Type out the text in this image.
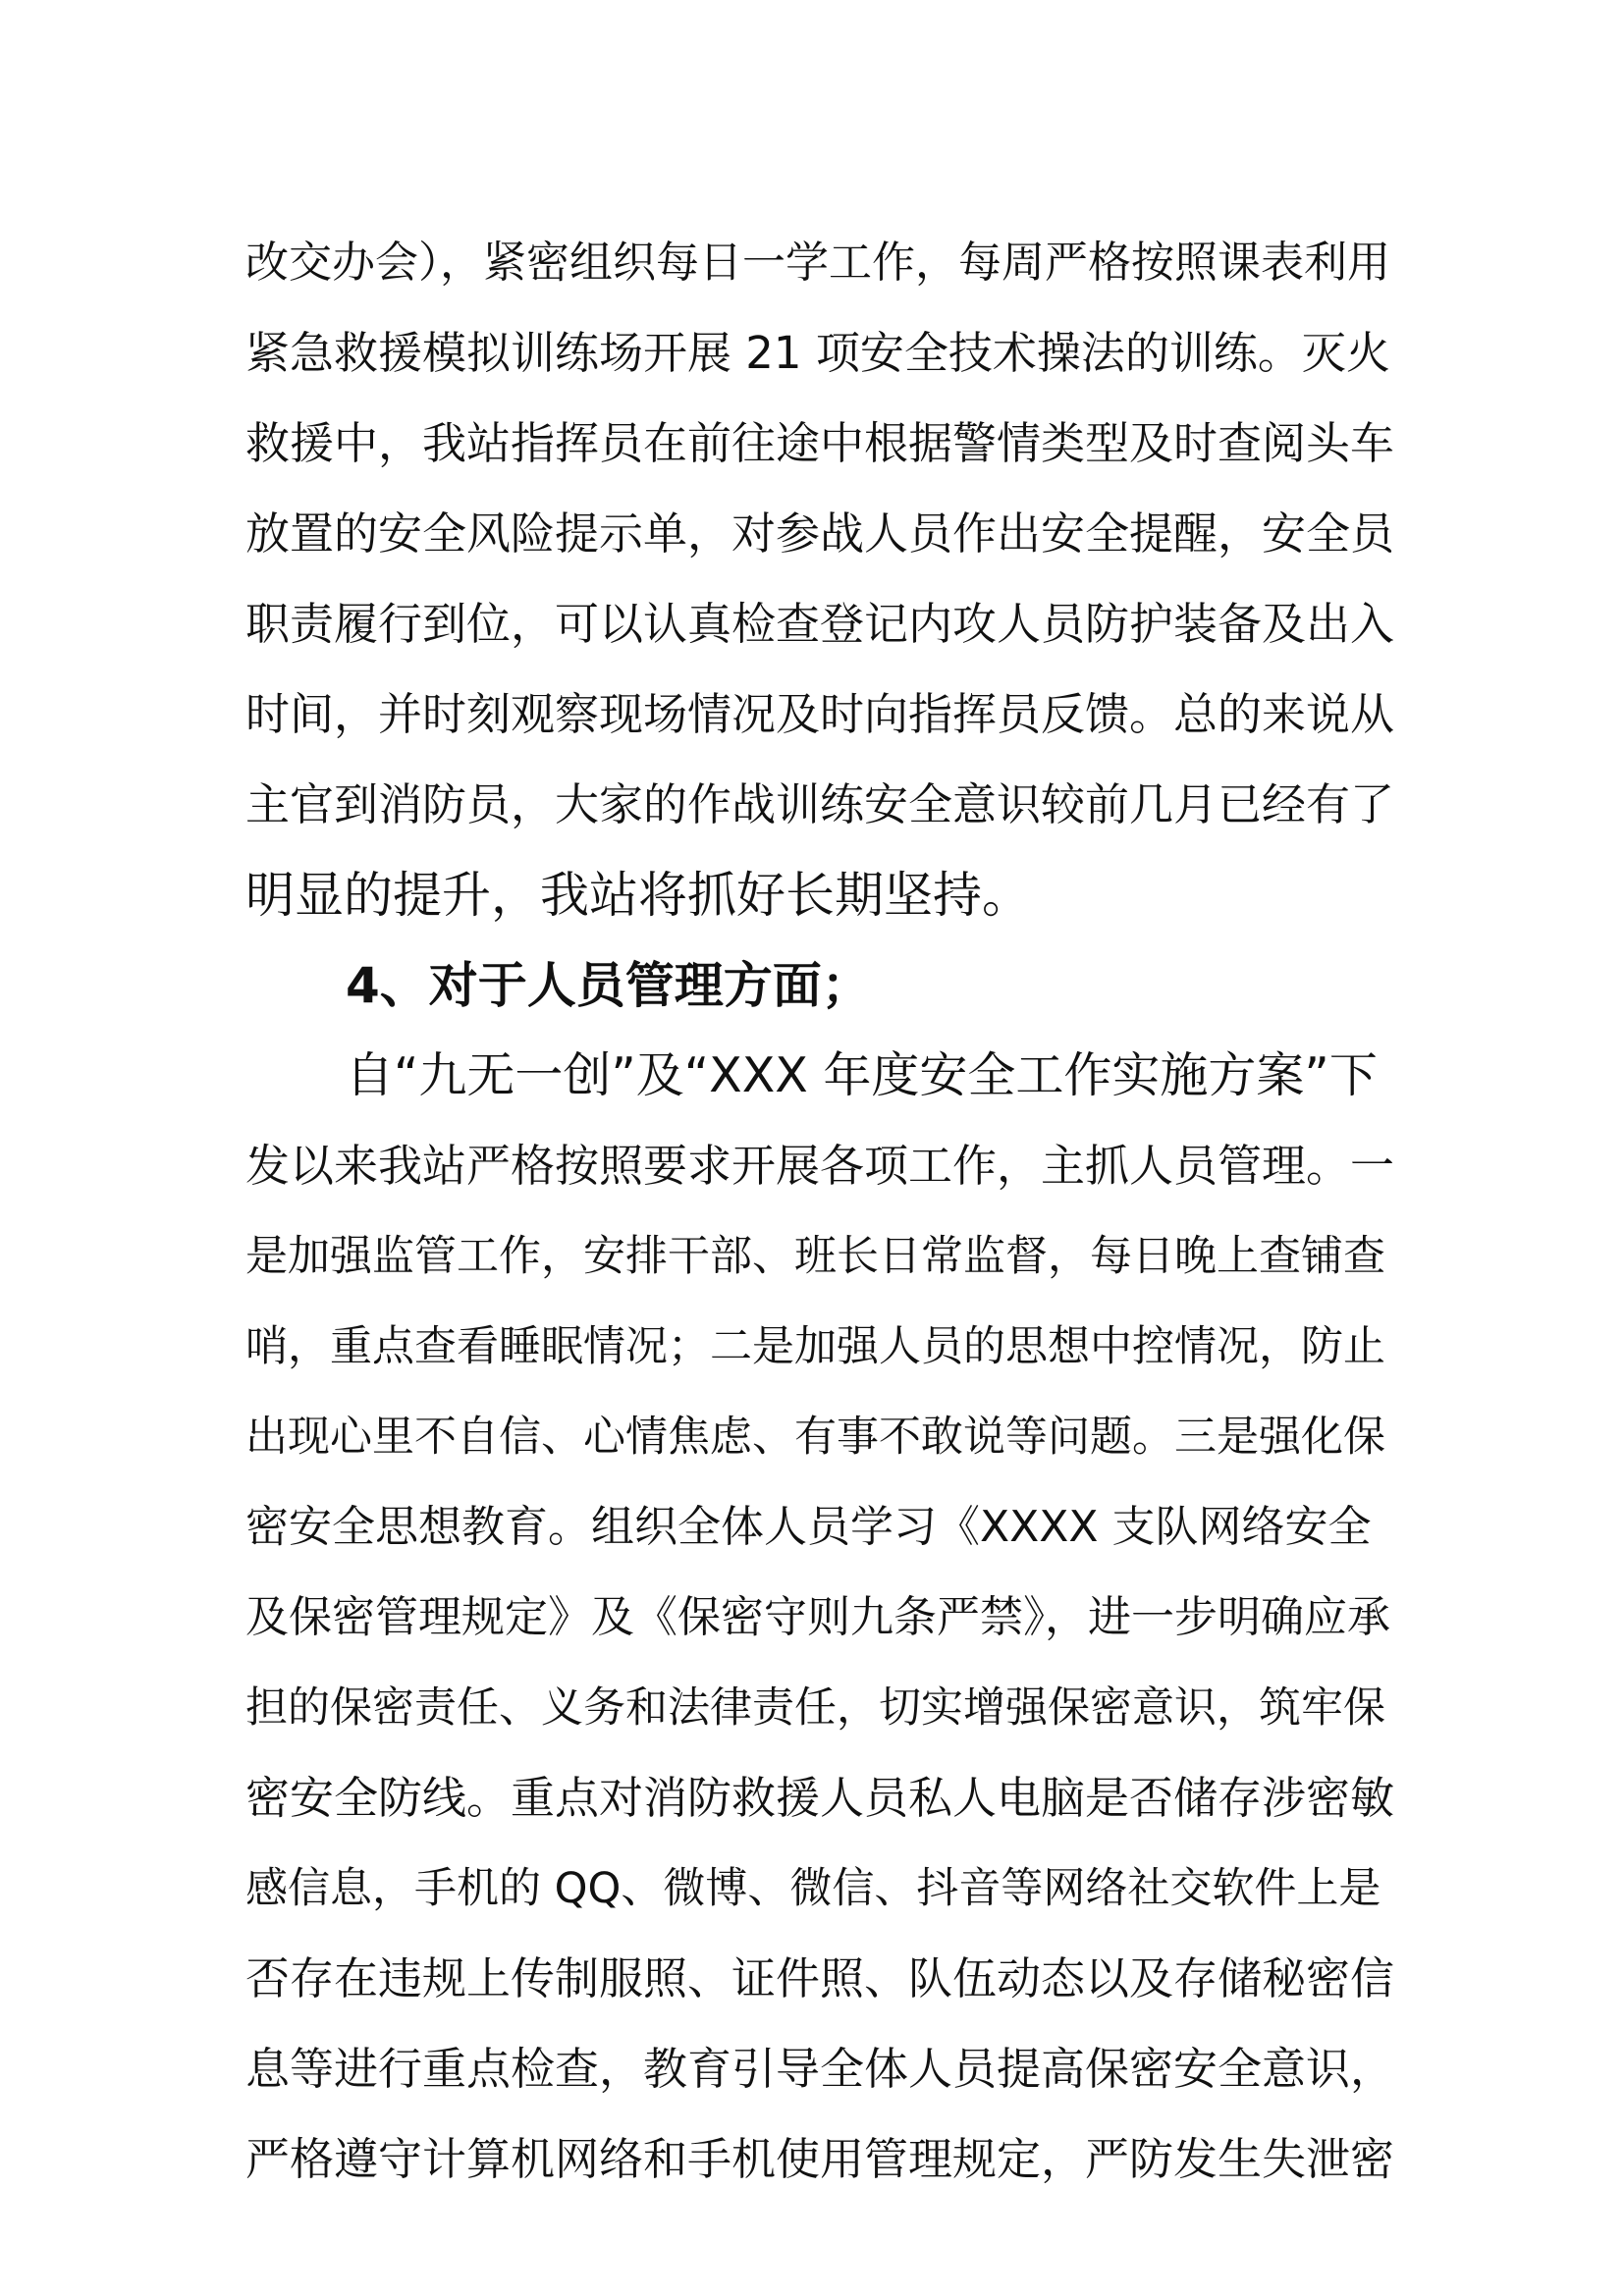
改交办会），紧密组织每日一学工作，每周严格按照课表利用
紧急救援模拟训练场开展 21 项安全技术操法的训练。灭火
救援中，我站指挥员在前往途中根据警情类型及时查阅头车
放置的安全风险提示单，对参战人员作出安全提醒，安全员
职责履行到位，可以认真检查登记内攻人员防护装备及出入
时间，并时刻观察现场情况及时向指挥员反馈。总的来说从
主官到消防员，大家的作战训练安全意识较前几月已经有了
明显的提升，我站将抓好长期坚持。
4、对于人员管理方面；
自“九无一创”及“XXX 年度安全工作实施方案”下
发以来我站严格按照要求开展各项工作，主抓人员管理。一
是加强监管工作，安排干部、班长日常监督，每日晚上查铺查
哨，重点查看睡眠情况；二是加强人员的思想中控情况，防止
出现心里不自信、心情焦虑、有事不敢说等问题。三是强化保
密安全思想教育。组织全体人员学习《XXXX 支队网络安全
及保密管理规定》及《保密守则九条严禁》，进一步明确应承
担的保密责任、义务和法律责任，切实增强保密意识，筑牢保
密安全防线。重点对消防救援人员私人电脑是否储存涉密敏
感信息，手机的 QQ、微博、微信、抖音等网络社交软件上是
否存在违规上传制服照、证件照、队伍动态以及存储秘密信
息等进行重点检查，教育引导全体人员提高保密安全意识，
严格遵守计算机网络和手机使用管理规定，严防发生失泄密
